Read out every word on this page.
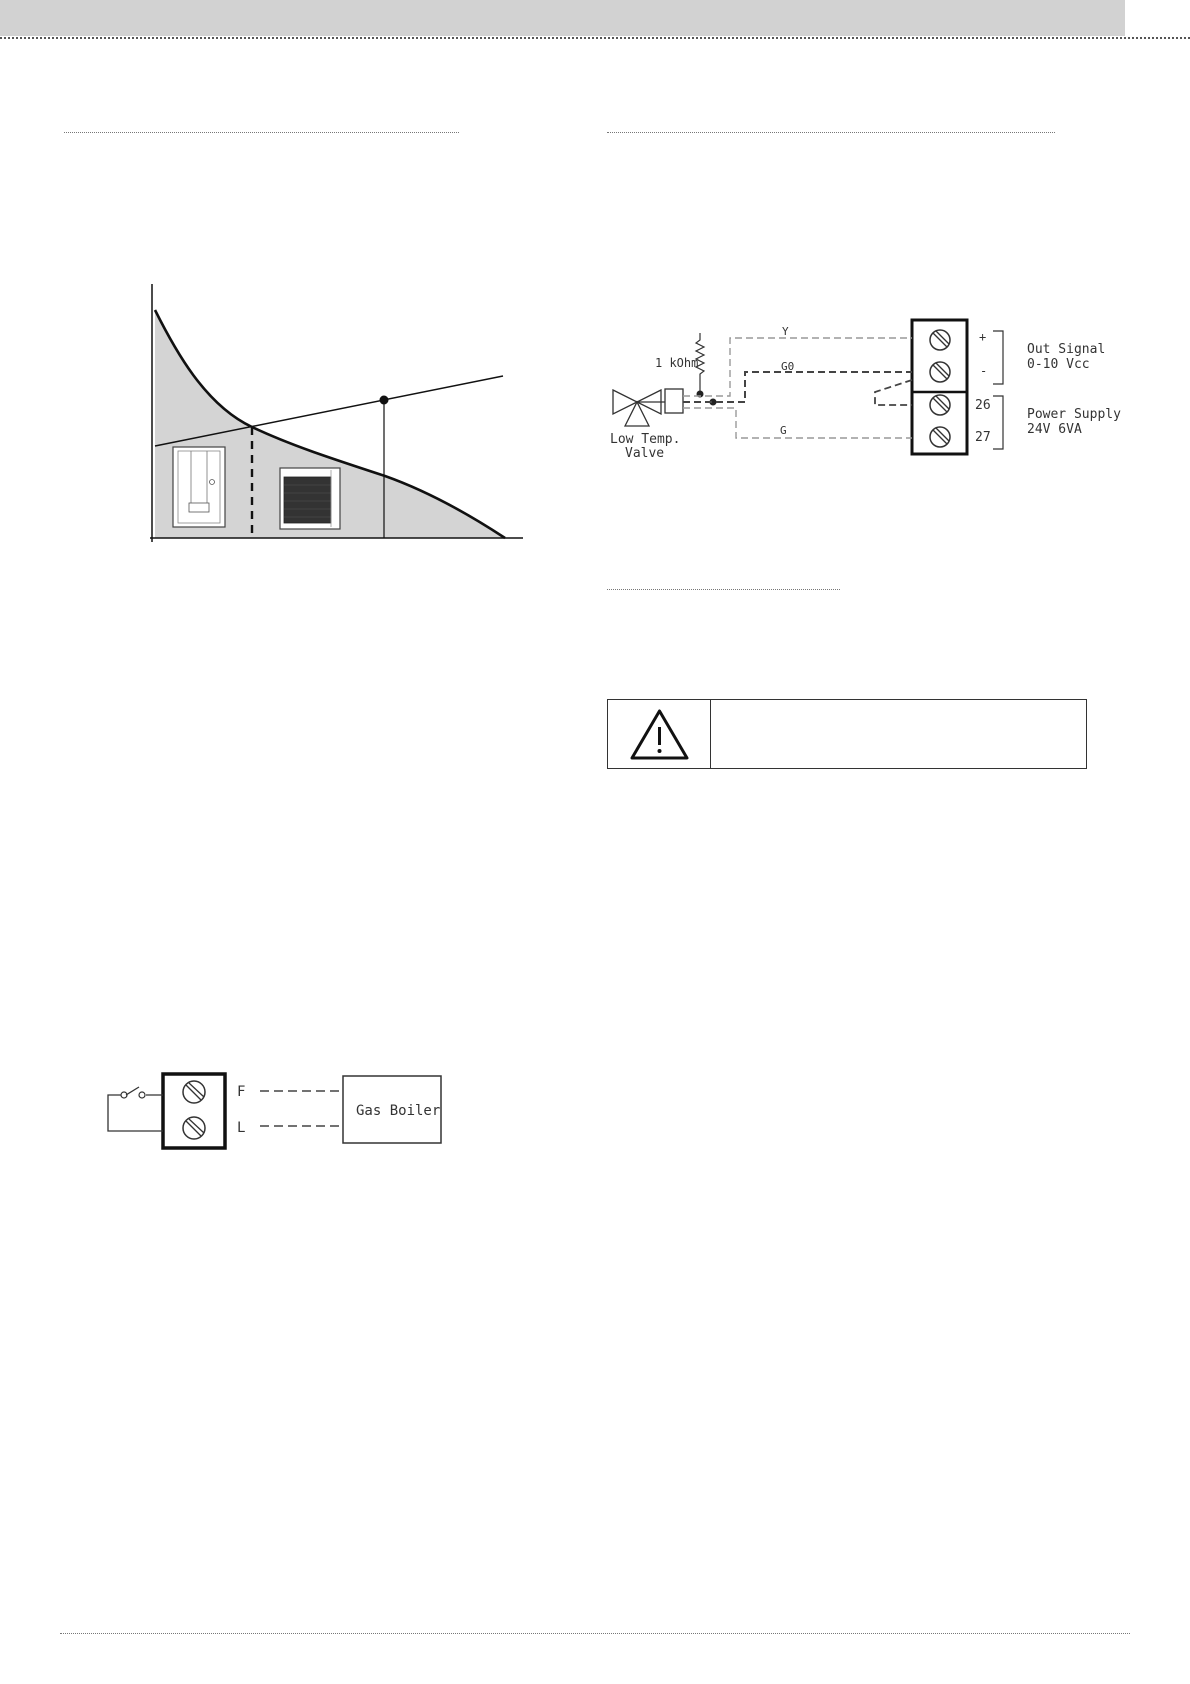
Y
G0
G
1 kOhm
Low Temp.
Valve
+
-
26
27
Out Signal
0-10 Vcc
Power Supply
24V 6VA
F
L
Gas Boiler
